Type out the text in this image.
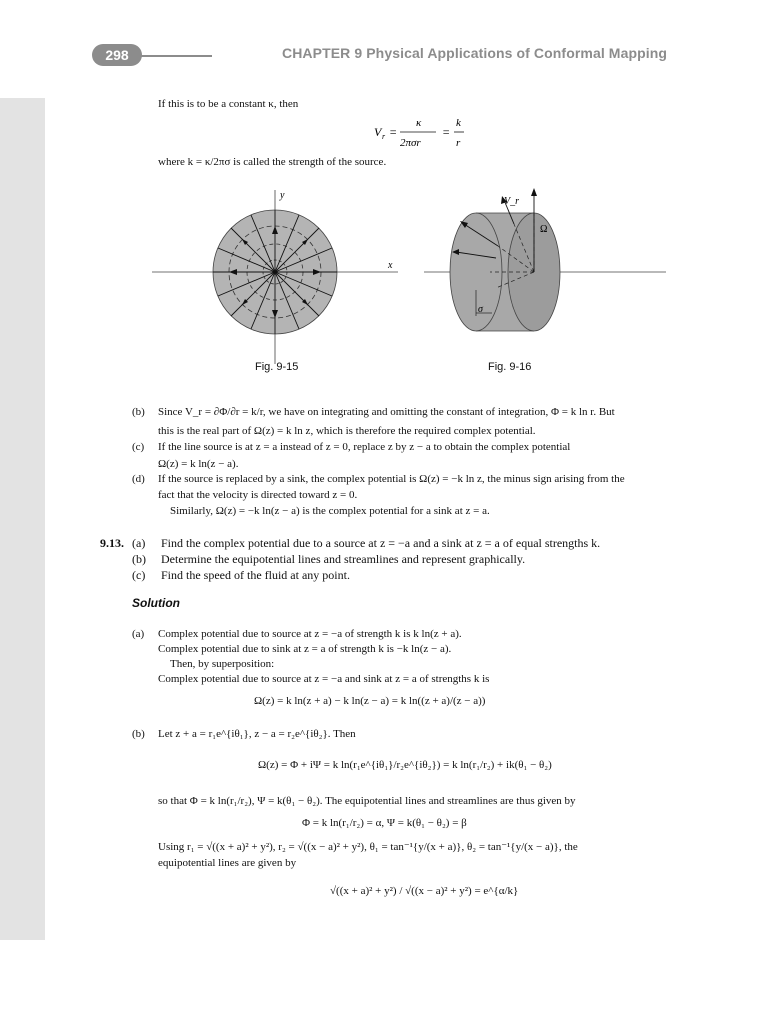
298	CHAPTER 9 Physical Applications of Conformal Mapping
If this is to be a constant κ, then
V r =
κ
2πσr
=
k
r
where k = κ/2πσ is called the strength of the source.
y
x
Fig. 9-15
V_r
Ω
σ
Fig. 9-16
(b) Since V_r = ∂Φ/∂r = k/r, we have on integrating and omitting the constant of integration, Φ = k ln r. But
this is the real part of Ω(z) = k ln z, which is therefore the required complex potential.
(c) If the line source is at z = a instead of z = 0, replace z by z − a to obtain the complex potential
Ω(z) = k ln(z − a).
(d) If the source is replaced by a sink, the complex potential is Ω(z) = −k ln z, the minus sign arising from the
fact that the velocity is directed toward z = 0.
Similarly, Ω(z) = −k ln(z − a) is the complex potential for a sink at z = a.
9.13. (a) Find the complex potential due to a source at z = −a and a sink at z = a of equal strengths k.
(b) Determine the equipotential lines and streamlines and represent graphically.
(c) Find the speed of the fluid at any point.
Solution
(a) Complex potential due to source at z = −a of strength k is k ln(z + a).
Complex potential due to sink at z = a of strength k is −k ln(z − a).
Then, by superposition:
Complex potential due to source at z = −a and sink at z = a of strengths k is
Ω(z) = k ln(z + a) − k ln(z − a) = k ln((z + a)/(z − a))
(b) Let z + a = r₁e^{iθ₁}, z − a = r₂e^{iθ₂}. Then
Ω(z) = Φ + iΨ = k ln(r₁e^{iθ₁}/r₂e^{iθ₂}) = k ln(r₁/r₂) + ik(θ₁ − θ₂)
so that Φ = k ln(r₁/r₂), Ψ = k(θ₁ − θ₂). The equipotential lines and streamlines are thus given by
Φ = k ln(r₁/r₂) = α, Ψ = k(θ₁ − θ₂) = β
Using r₁ = √((x + a)² + y²), r₂ = √((x − a)² + y²), θ₁ = tan⁻¹{y/(x + a)}, θ₂ = tan⁻¹{y/(x − a)}, the
equipotential lines are given by
√((x + a)² + y²) / √((x − a)² + y²) = e^{α/k}
